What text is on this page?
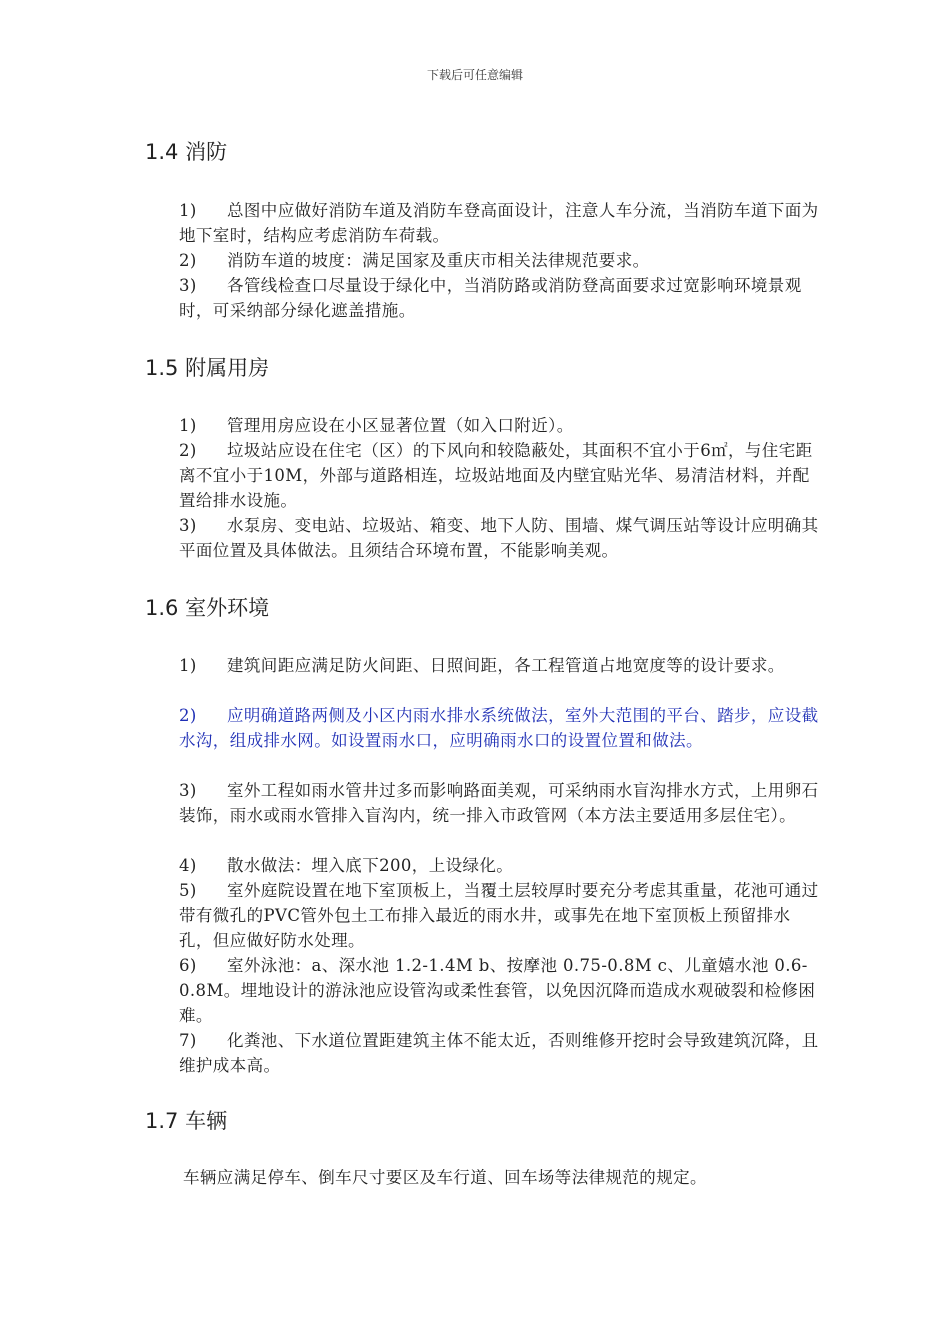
下载后可任意编辑
1.4 消防

1) 总图中应做好消防车道及消防车登高面设计，注意人车分流，当消防车道下面为地下室时，结构应考虑消防车荷载。

2) 消防车道的坡度：满足国家及重庆市相关法律规范要求。

3) 各管线检查口尽量设于绿化中，当消防路或消防登高面要求过宽影响环境景观时，可采纳部分绿化遮盖措施。

1.5 附属用房

1) 管理用房应设在小区显著位置（如入口附近）。

2) 垃圾站应设在住宅（区）的下风向和较隐蔽处，其面积不宜小于6㎡，与住宅距离不宜小于10M，外部与道路相连，垃圾站地面及内壁宜贴光华、易清洁材料，并配置给排水设施。

3) 水泵房、变电站、垃圾站、箱变、地下人防、围墙、煤气调压站等设计应明确其平面位置及具体做法。且须结合环境布置，不能影响美观。

1.6 室外环境

1) 建筑间距应满足防火间距、日照间距，各工程管道占地宽度等的设计要求。

2) 应明确道路两侧及小区内雨水排水系统做法，室外大范围的平台、踏步，应设截水沟，组成排水网。如设置雨水口，应明确雨水口的设置位置和做法。

3) 室外工程如雨水管井过多而影响路面美观，可采纳雨水盲沟排水方式，上用卵石装饰，雨水或雨水管排入盲沟内，统一排入市政管网（本方法主要适用多层住宅）。

4) 散水做法：埋入底下200，上设绿化。

5) 室外庭院设置在地下室顶板上，当覆土层较厚时要充分考虑其重量，花池可通过带有微孔的PVC管外包土工布排入最近的雨水井，或事先在地下室顶板上预留排水孔，但应做好防水处理。

6) 室外泳池：a、深水池 1.2-1.4M b、按摩池 0.75-0.8M c、儿童嬉水池 0.6-0.8M。埋地设计的游泳池应设管沟或柔性套管，以免因沉降而造成水观破裂和检修困难。

7) 化粪池、下水道位置距建筑主体不能太近，否则维修开挖时会导致建筑沉降，且维护成本高。

1.7 车辆

车辆应满足停车、倒车尺寸要区及车行道、回车场等法律规范的规定。
